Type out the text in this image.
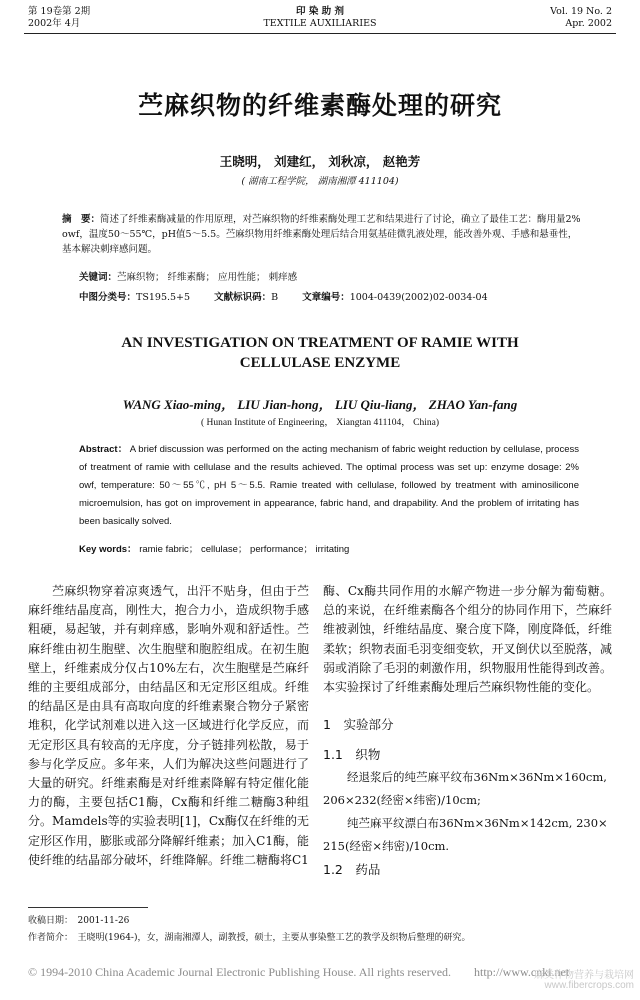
第 19卷第 2期
2002年 4月
印 染 助 剂
TEXTILE AUXILIARIES
Vol. 19 No. 2
Apr. 2002
苎麻织物的纤维素酶处理的研究
王晓明， 刘建红， 刘秋凉， 赵艳芳
( 湖南工程学院， 湖南湘潭 411104)
摘　要：简述了纤维素酶减量的作用原理，对苎麻织物的纤维素酶处理工艺和结果进行了讨论，确立了最佳工艺：酶用量2% owf，温度50～55℃，pH值5～5.5。苎麻织物用纤维素酶处理后结合用氨基硅微乳液处理，能改善外观、手感和悬垂性，基本解决刺痒感问题。
关键词：苎麻织物； 纤维素酶； 应用性能； 刺痒感
中图分类号：TS195.5+5	文献标识码：B	文章编号：1004-0439(2002)02-0034-04
AN INVESTIGATION ON TREATMENT OF RAMIE WITH
CELLULASE ENZYME
WANG Xiao-ming， LIU Jian-hong， LIU Qiu-liang， ZHAO Yan-fang
( Hunan Institute of Engineering， Xiangtan 411104， China)
Abstract： A brief discussion was performed on the acting mechanism of fabric weight reduction by cellulase, process of treatment of ramie with cellulase and the results achieved. The optimal process was set up: enzyme dosage: 2% owf, temperature: 50～55℃, pH 5～5.5. Ramie treated with cellulase, followed by treatment with aminosilicone microemulsion, has got on improvement in appearance, fabric hand, and drapability. And the problem of irritating has been basically solved.
Key words： ramie fabric； cellulase； performance； irritating

苎麻织物穿着凉爽透气，出汗不贴身，但由于苎麻纤维结晶度高，刚性大，抱合力小，造成织物手感粗硬，易起皱，并有刺痒感，影响外观和舒适性。苎麻纤维由初生胞壁、次生胞壁和胞腔组成。在初生胞壁上，纤维素成分仅占10%左右，次生胞壁是苎麻纤维的主要组成部分，由结晶区和无定形区组成。纤维的结晶区是由具有高取向度的纤维素聚合物分子紧密堆积，化学试剂难以进入这一区域进行化学反应，而无定形区具有较高的无序度，分子链排列松散，易于参与化学反应。多年来，人们为解决这些问题进行了大量的研究。纤维素酶是对纤维素降解有特定催化能力的酶，主要包括C1酶，Cx酶和纤维二糖酶3种组分。Mamdels等的实验表明[1]，Cx酶仅在纤维的无定形区作用，膨胀或部分降解纤维素；加入C1酶，能使纤维的结晶部分破坏，纤维降解。纤维二糖酶将C1

酶、Cx酶共同作用的水解产物进一步分解为葡萄糖。总的来说，在纤维素酶各个组分的协同作用下，苎麻纤维被剥蚀，纤维结晶度、聚合度下降，刚度降低，纤维柔软；织物表面毛羽变细变软，开叉倒伏以至脱落，减弱或消除了毛羽的刺激作用，织物服用性能得到改善。本实验探讨了纤维素酶处理后苎麻织物性能的变化。

1　实验部分
1.1　织物
经退浆后的纯苎麻平纹布36Nm×36Nm×160cm,
206×232(经密×纬密)/10cm;
纯苎麻平纹漂白布36Nm×36Nm×142cm, 230×
215(经密×纬密)/10cm.
1.2　药品
收稿日期：　2001-11-26
作者简介：　王晓明(1964-)，女，湖南湘潭人，副教授，硕士，主要从事染整工艺的教学及织物后整理的研究。
© 1994-2010 China Academic Journal Electronic Publishing House. All rights reserved. http://www.cnki.net
麻类作物营养与栽培网
www.fibercrops.com
